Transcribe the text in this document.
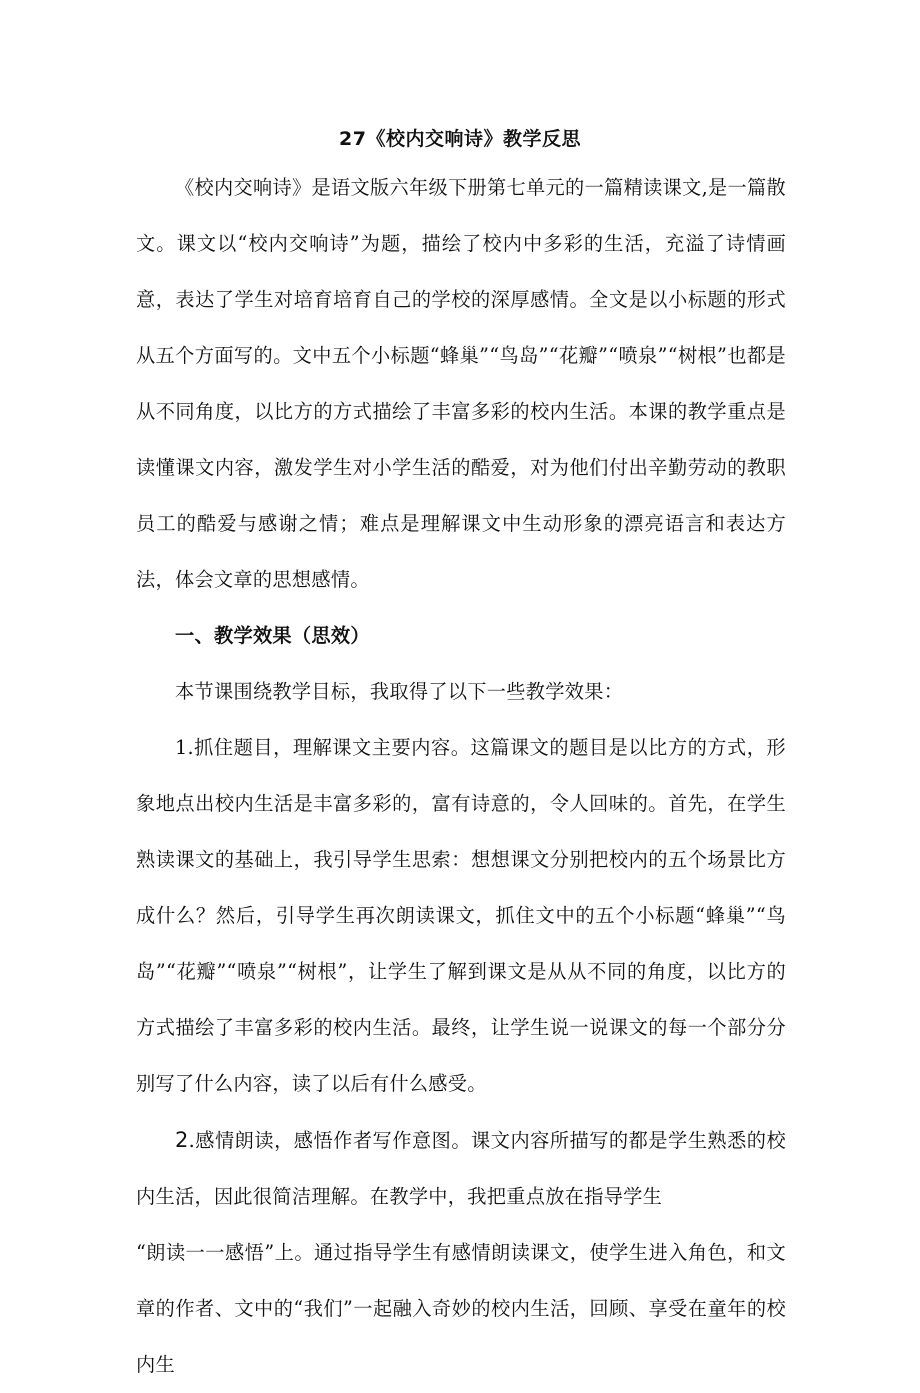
27《校内交响诗》教学反思

《校内交响诗》是语文版六年级下册第七单元的一篇精读课文,是一篇散文。课文以“校内交响诗”为题，描绘了校内中多彩的生活，充溢了诗情画意，表达了学生对培育培育自己的学校的深厚感情。全文是以小标题的形式从五个方面写的。文中五个小标题“蜂巢”“鸟岛”“花瓣”“喷泉”“树根”也都是从不同角度，以比方的方式描绘了丰富多彩的校内生活。本课的教学重点是读懂课文内容，激发学生对小学生活的酷爱，对为他们付出辛勤劳动的教职员工的酷爱与感谢之情；难点是理解课文中生动形象的漂亮语言和表达方法，体会文章的思想感情。

一、教学效果（思效）

本节课围绕教学目标，我取得了以下一些教学效果：

1.抓住题目，理解课文主要内容。这篇课文的题目是以比方的方式，形象地点出校内生活是丰富多彩的，富有诗意的，令人回味的。首先，在学生熟读课文的基础上，我引导学生思索：想想课文分别把校内的五个场景比方成什么？然后，引导学生再次朗读课文，抓住文中的五个小标题“蜂巢”“鸟岛”“花瓣”“喷泉”“树根”，让学生了解到课文是从从不同的角度，以比方的方式描绘了丰富多彩的校内生活。最终，让学生说一说课文的每一个部分分别写了什么内容，读了以后有什么感受。

2.感情朗读，感悟作者写作意图。课文内容所描写的都是学生熟悉的校内生活，因此很简洁理解。在教学中，我把重点放在指导学生

“朗读一一感悟”上。通过指导学生有感情朗读课文，使学生进入角色，和文章的作者、文中的“我们”一起融入奇妙的校内生活，回顾、享受在童年的校内生
